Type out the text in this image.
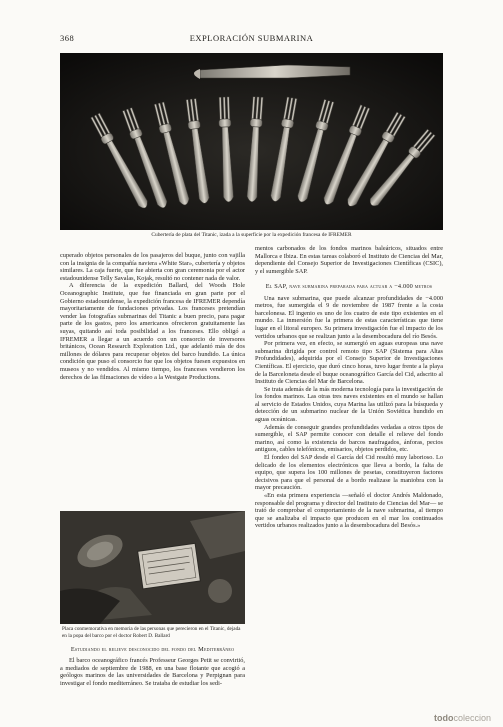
368	EXPLORACIÓN SUBMARINA
Cubertería de plata del Titanic, izada a la superficie por la expedición francesa de IFREMER

cuperado objetos personales de los pasajeros del buque, junto con vajilla con la insignia de la compañía naviera «White Star», cubertería y objetos similares. La caja fuerte, que fue abierta con gran ceremonia por el actor estadounidense Telly Savalas, Kojak, resultó no contener nada de valor.

A diferencia de la expedición Ballard, del Woods Hole Oceanographic Institute, que fue financiada en gran parte por el Gobierno estadounidense, la expedición francesa de IFREMER dependía mayoritariamente de fundaciones privadas. Los franceses pretendían vender las fotografías submarinas del Titanic a buen precio, para pagar parte de los gastos, pero los americanos ofrecieron gratuitamente las suyas, quitando así toda posibilidad a los franceses. Ello obligó a IFREMER a llegar a un acuerdo con un consorcio de inversores británicos, Ocean Research Exploration Ltd., que adelantó más de dos millones de dólares para recuperar objetos del barco hundido. La única condición que puso el consorcio fue que los objetos fuesen expuestos en museos y no vendidos. Al mismo tiempo, los franceses vendieron los derechos de las filmaciones de vídeo a la Westgate Productions.

Placa conmemorativa en memoria de las personas que perecieron en el Titanic, dejada en la popa del barco por el doctor Robert D. Ballard
Estudiando el relieve desconocido del fondo del Mediterráneo

El barco oceanográfico francés Professeur Georges Petit se convirtió, a mediados de septiembre de 1988, en una base flotante que acogió a geólogos marinos de las universidades de Barcelona y Perpignan para investigar el fondo mediterráneo. Se trataba de estudiar los sedi-

mentos carbonados de los fondos marinos baleáricos, situados entre Mallorca e Ibiza. En estas tareas colaboró el Instituto de Ciencias del Mar, dependiente del Consejo Superior de Investigaciones Científicas (CSIC), y el sumergible SAP.

El SAP, nave submarina preparada para actuar a −4.000 metros

Una nave submarina, que puede alcanzar profundidades de −4.000 metros, fue sumergida el 9 de noviembre de 1987 frente a la costa barcelonesa. El ingenio es uno de los cuatro de este tipo existentes en el mundo. La inmersión fue la primera de estas características que tiene lugar en el litoral europeo. Su primera investigación fue el impacto de los vertidos urbanos que se realizan junto a la desembocadura del río Besós.

Por primera vez, en efecto, se sumergió en aguas europeas una nave submarina dirigida por control remoto tipo SAP (Sistema para Altas Profundidades), adquirida por el Consejo Superior de Investigaciones Científicas. El ejercicio, que duró cinco horas, tuvo lugar frente a la playa de la Barceloneta desde el buque oceanográfico García del Cid, adscrito al Instituto de Ciencias del Mar de Barcelona.

Se trata además de la más moderna tecnología para la investigación de los fondos marinos. Las otras tres naves existentes en el mundo se hallan al servicio de Estados Unidos, cuya Marina las utilizó para la búsqueda y detección de un submarino nuclear de la Unión Soviética hundido en aguas oceánicas.

Además de conseguir grandes profundidades vedadas a otros tipos de sumergible, el SAP permite conocer con detalle el relieve del fondo marino, así como la existencia de barcos naufragados, ánforas, pecios antiguos, cables telefónicos, emisarios, objetos perdidos, etc.

El fondeo del SAP desde el García del Cid resultó muy laborioso. Lo delicado de los elementos electrónicos que lleva a bordo, la falta de equipo, que supera los 100 millones de pesetas, constituyeron factores decisivos para que el personal de a bordo realizase la maniobra con la mayor precaución.

«En esta primera experiencia —señaló el doctor Andrés Maldonado, responsable del programa y director del Instituto de Ciencias del Mar— se trató de comprobar el comportamiento de la nave submarina, al tiempo que se analizaba el impacto que producen en el mar los continuados vertidos urbanos realizados junto a la desembocadura del Besós.»

todocoleccion
